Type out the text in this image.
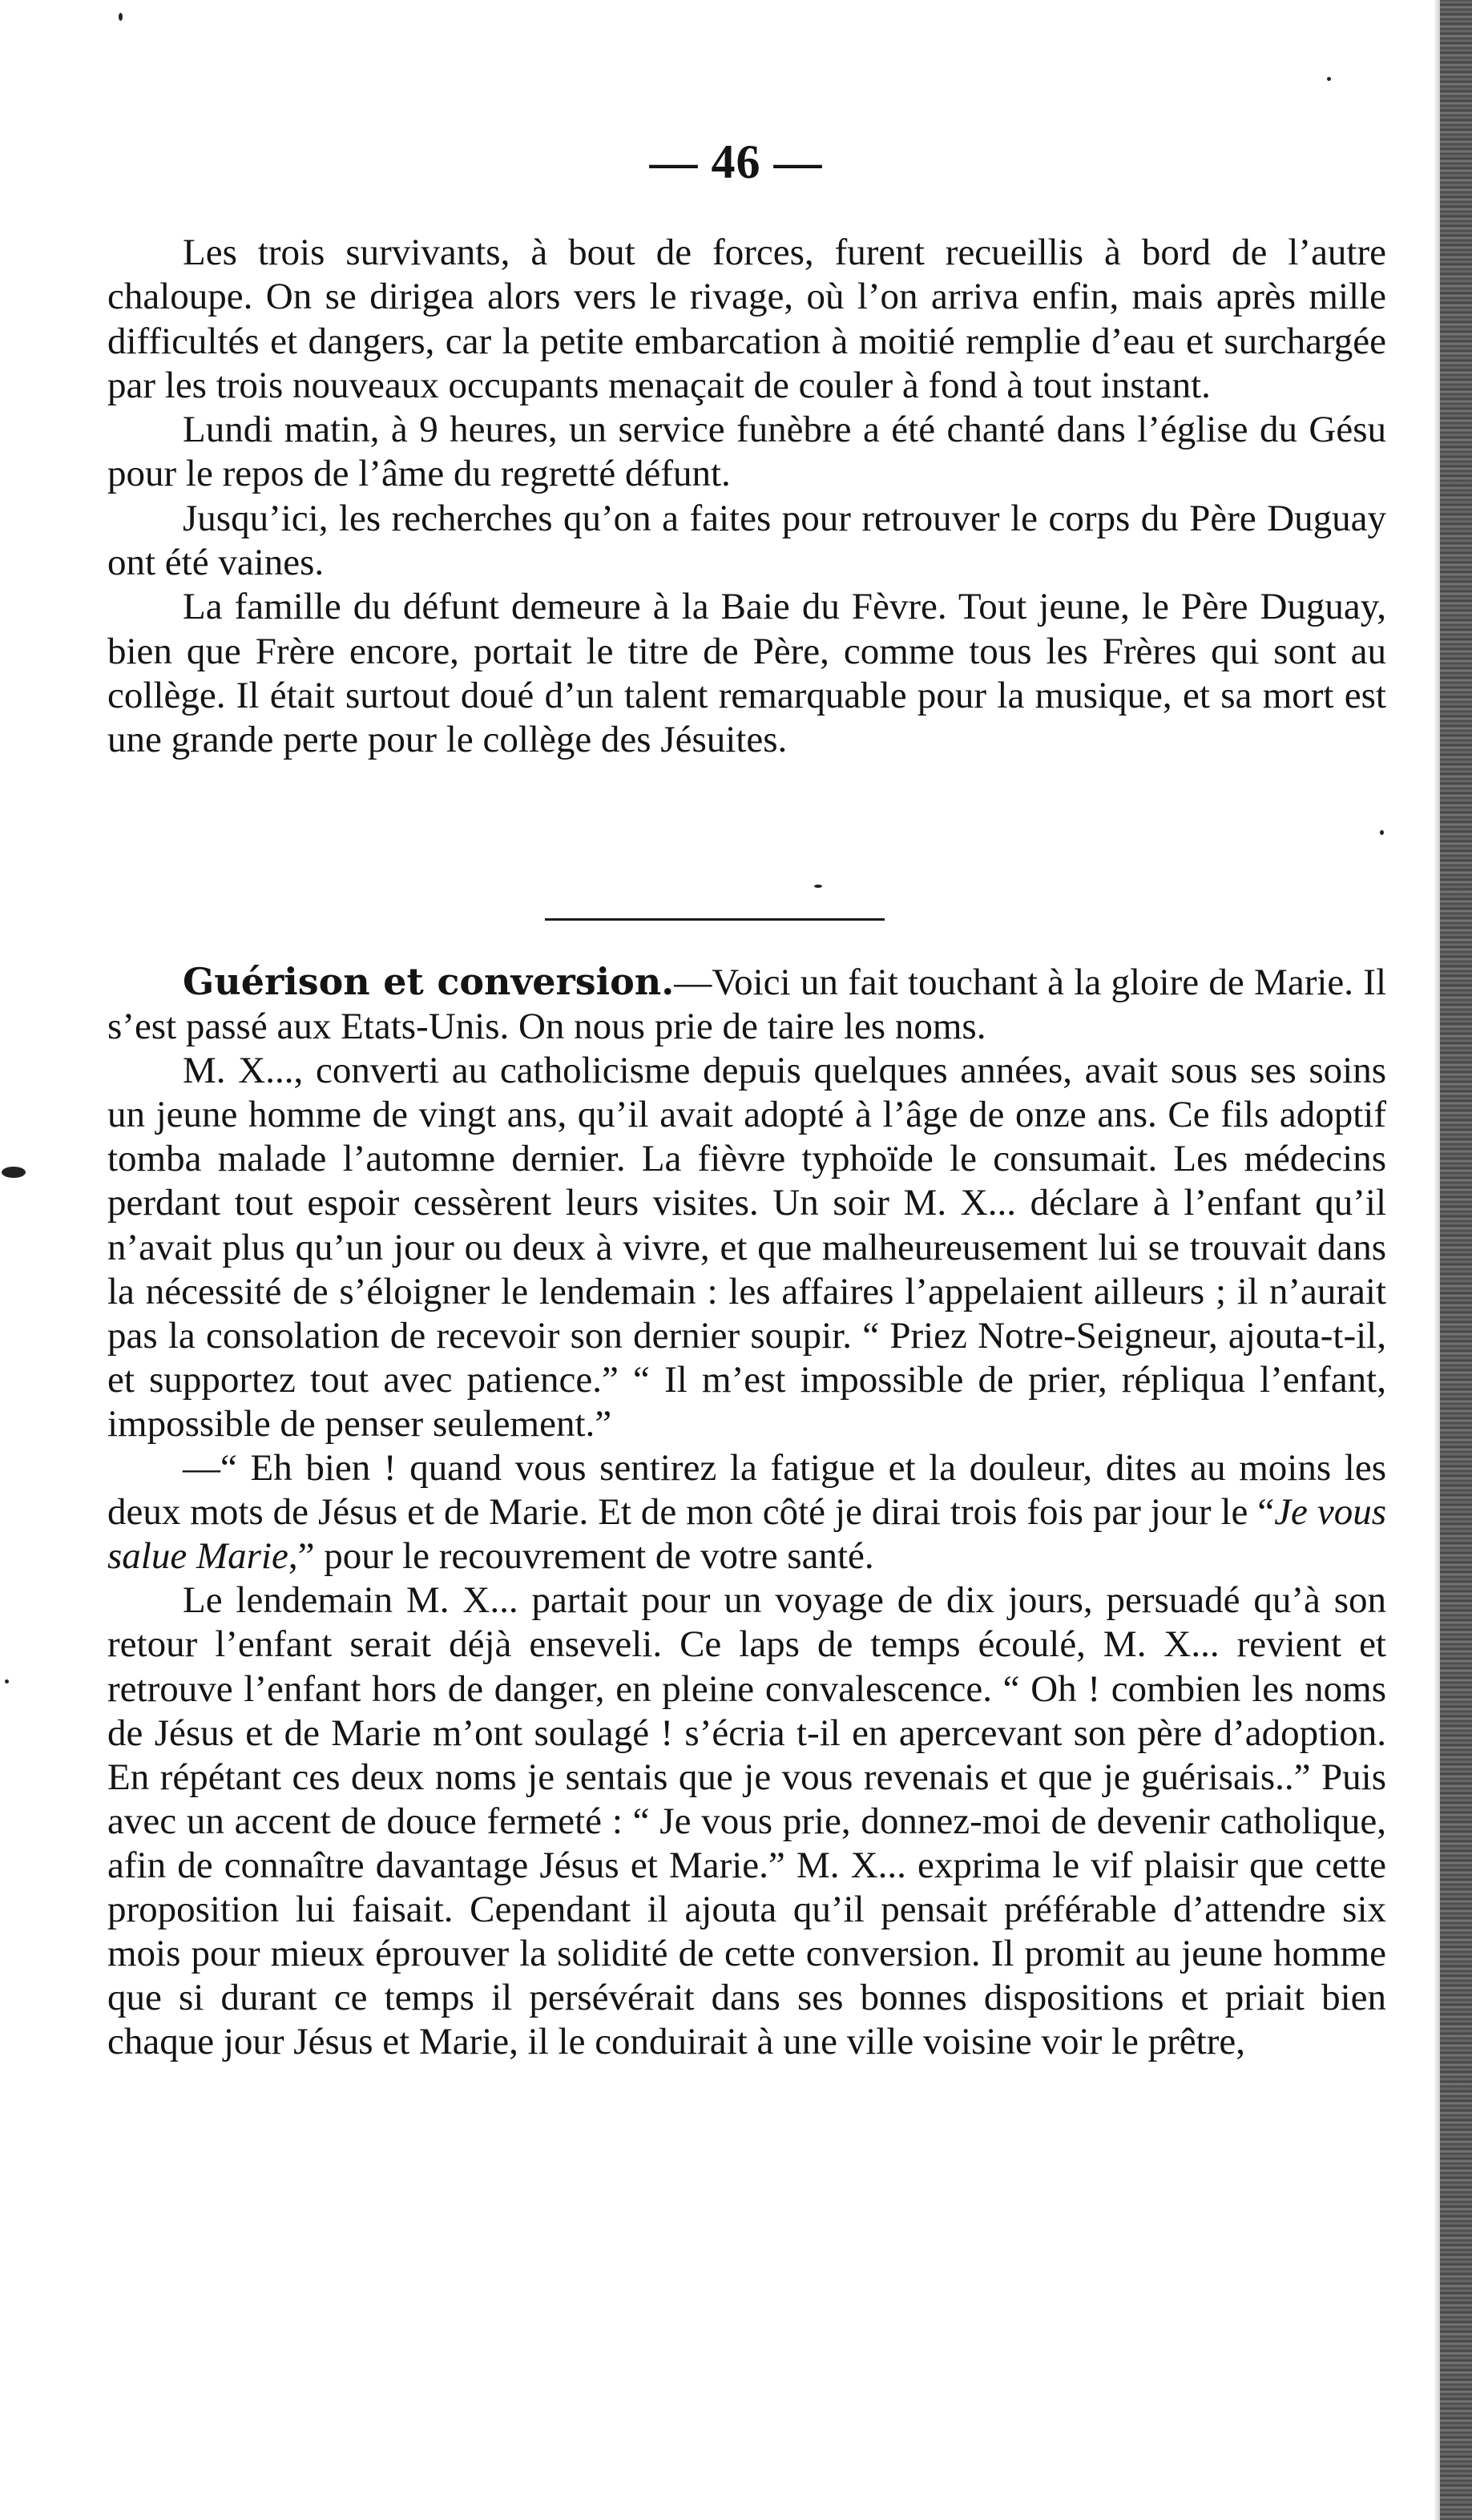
— 46 —

Les trois survivants, à bout de forces, furent recueillis à bord de l’autre chaloupe. On se dirigea alors vers le rivage, où l’on arriva enfin, mais après mille difficultés et dangers, car la petite embarcation à moitié remplie d’eau et surchargée par les trois nouveaux occupants menaçait de couler à fond à tout instant.

Lundi matin, à 9 heures, un service funèbre a été chanté dans l’église du Gésu pour le repos de l’âme du regretté défunt.

Jusqu’ici, les recherches qu’on a faites pour retrouver le corps du Père Duguay ont été vaines.

La famille du défunt demeure à la Baie du Fèvre. Tout jeune, le Père Duguay, bien que Frère encore, portait le titre de Père, comme tous les Frères qui sont au collège. Il était surtout doué d’un talent remarquable pour la musique, et sa mort est une grande perte pour le collège des Jésuites.

Guérison et conversion.—Voici un fait touchant à la gloire de Marie. Il s’est passé aux Etats-Unis. On nous prie de taire les noms.

M. X..., converti au catholicisme depuis quelques années, avait sous ses soins un jeune homme de vingt ans, qu’il avait adopté à l’âge de onze ans. Ce fils adoptif tomba malade l’automne dernier. La fièvre typhoïde le consumait. Les médecins perdant tout espoir cessèrent leurs visites. Un soir M. X... déclare à l’enfant qu’il n’avait plus qu’un jour ou deux à vivre, et que malheureusement lui se trouvait dans la nécessité de s’éloigner le lendemain : les affaires l’appelaient ailleurs ; il n’aurait pas la consolation de recevoir son dernier soupir. “ Priez Notre-Seigneur, ajouta-t-il, et supportez tout avec patience.” “ Il m’est impossible de prier, répliqua l’enfant, impossible de penser seulement.”

—“ Eh bien ! quand vous sentirez la fatigue et la douleur, dites au moins les deux mots de Jésus et de Marie. Et de mon côté je dirai trois fois par jour le “Je vous salue Marie,” pour le recouvrement de votre santé.

Le lendemain M. X... partait pour un voyage de dix jours, persuadé qu’à son retour l’enfant serait déjà enseveli. Ce laps de temps écoulé, M. X... revient et retrouve l’enfant hors de danger, en pleine convalescence. “ Oh ! combien les noms de Jésus et de Marie m’ont soulagé ! s’écria t-il en apercevant son père d’adoption. En répétant ces deux noms je sentais que je vous revenais et que je guérisais..” Puis avec un accent de douce fermeté : “ Je vous prie, donnez-moi de devenir catholique, afin de connaître davantage Jésus et Marie.” M. X... exprima le vif plaisir que cette proposition lui faisait. Cependant il ajouta qu’il pensait préférable d’attendre six mois pour mieux éprouver la solidité de cette conversion. Il promit au jeune homme que si durant ce temps il persévérait dans ses bonnes dispositions et priait bien chaque jour Jésus et Marie, il le conduirait à une ville voisine voir le prêtre,
